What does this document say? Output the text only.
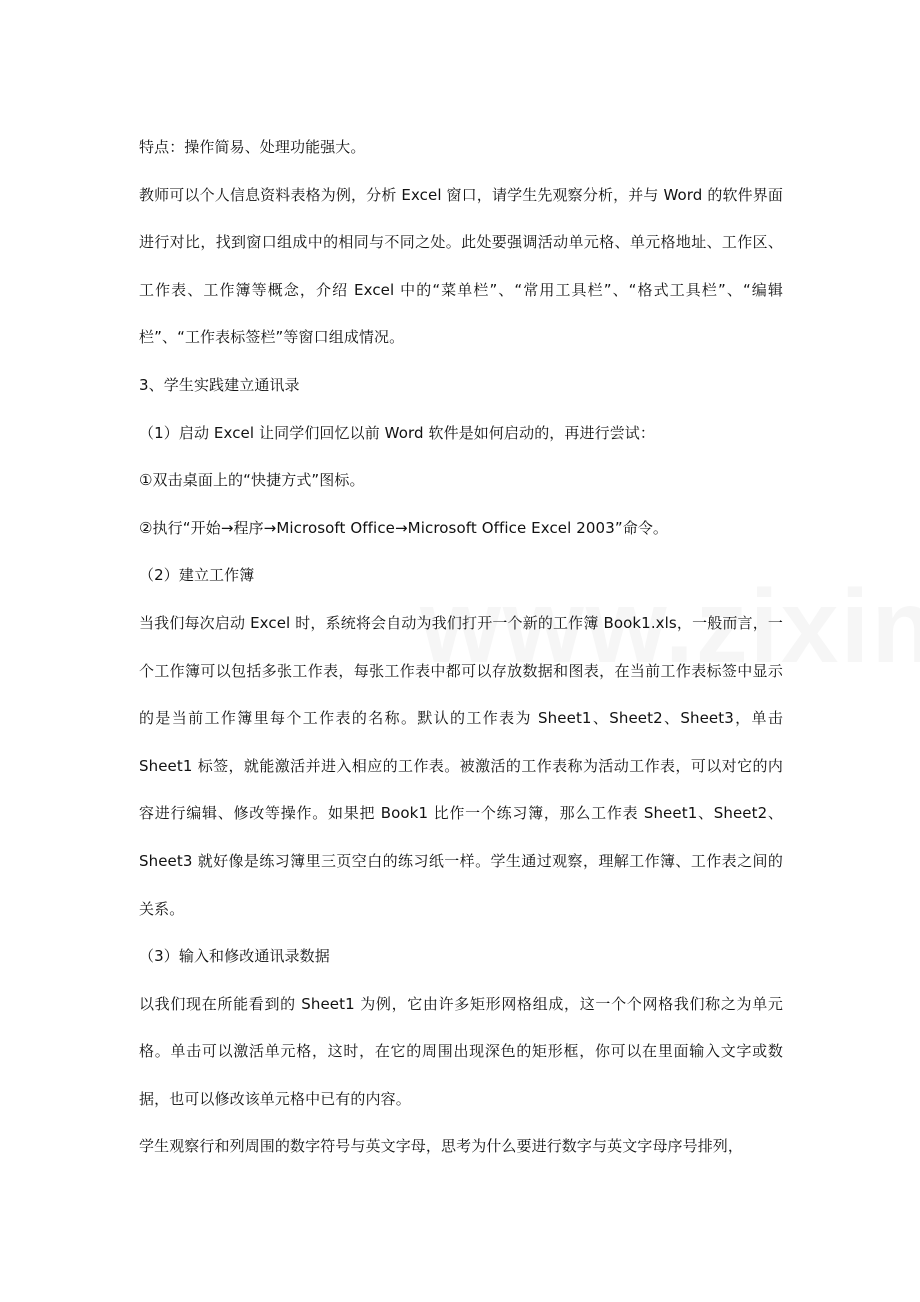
特点：操作简易、处理功能强大。

教师可以个人信息资料表格为例，分析 Excel 窗口，请学生先观察分析，并与 Word 的软件界面进行对比，找到窗口组成中的相同与不同之处。此处要强调活动单元格、单元格地址、工作区、工作表、工作簿等概念，介绍 Excel 中的“菜单栏”、“常用工具栏”、“格式工具栏”、“编辑栏”、“工作表标签栏”等窗口组成情况。

3、学生实践建立通讯录

（1）启动 Excel 让同学们回忆以前 Word 软件是如何启动的，再进行尝试：

①双击桌面上的“快捷方式”图标。

②执行“开始→程序→Microsoft Office→Microsoft Office Excel 2003”命令。

（2）建立工作簿

当我们每次启动 Excel 时，系统将会自动为我们打开一个新的工作簿 Book1.xls，一般而言，一个工作簿可以包括多张工作表，每张工作表中都可以存放数据和图表，在当前工作表标签中显示的是当前工作簿里每个工作表的名称。默认的工作表为 Sheet1、Sheet2、Sheet3，单击 Sheet1 标签，就能激活并进入相应的工作表。被激活的工作表称为活动工作表，可以对它的内容进行编辑、修改等操作。如果把 Book1 比作一个练习簿，那么工作表 Sheet1、Sheet2、Sheet3 就好像是练习簿里三页空白的练习纸一样。学生通过观察，理解工作簿、工作表之间的关系。

（3）输入和修改通讯录数据

以我们现在所能看到的 Sheet1 为例，它由许多矩形网格组成，这一个个网格我们称之为单元格。单击可以激活单元格，这时，在它的周围出现深色的矩形框，你可以在里面输入文字或数据，也可以修改该单元格中已有的内容。

学生观察行和列周围的数字符号与英文字母，思考为什么要进行数字与英文字母序号排列，
